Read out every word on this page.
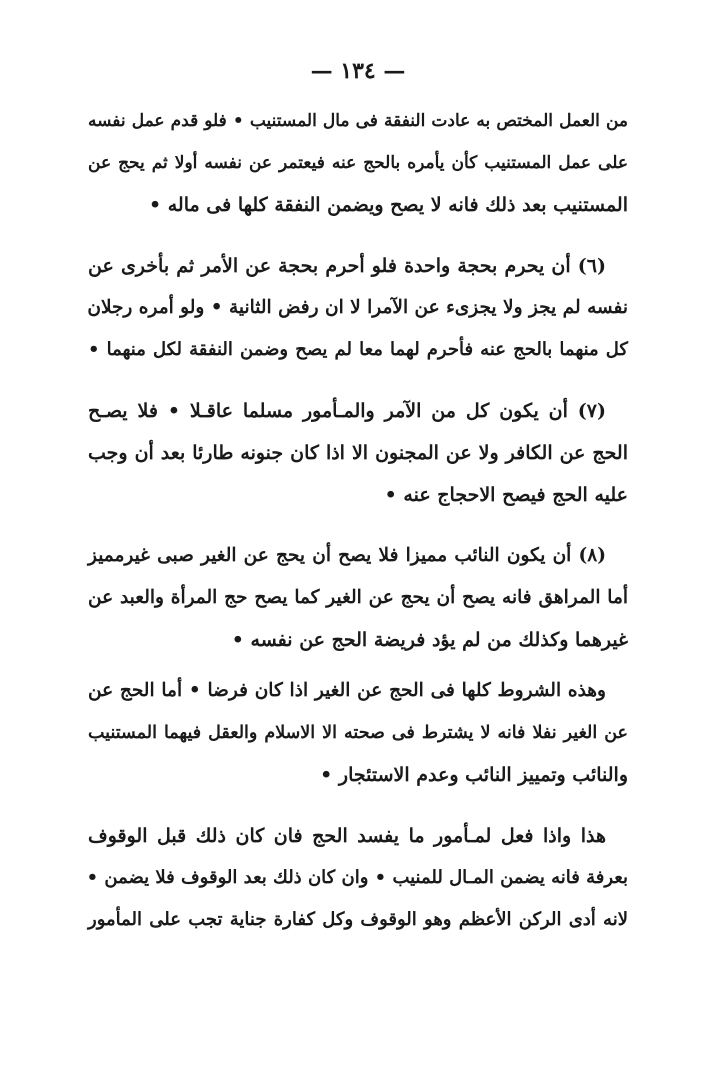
— ١٣٤ —
من العمل المختص به عادت النفقة فى مال المستنيب • فلو قدم عمل نفسه
على عمل المستنيب كأن يأمره بالحج عنه فيعتمر عن نفسه أولا ثم يحج عن
المستنيب بعد ذلك فانه لا يصح ويضمن النفقة كلها فى ماله •
(٦) أن يحرم بحجة واحدة فلو أحرم بحجة عن الأمر ثم بأخرى عن
نفسه لم يجز ولا يجزىء عن الآمرا لا ان رفض الثانية • ولو أمره رجلان
كل منهما بالحج عنه فأحرم لهما معا لم يصح وضمن النفقة لكل منهما •
(٧) أن يكون كل من الآمر والمـأمور مسلما عاقـلا • فلا يصـح
الحج عن الكافر ولا عن المجنون الا اذا كان جنونه طارئا بعد أن وجب
عليه الحج فيصح الاحجاج عنه •
(٨) أن يكون النائب مميزا فلا يصح أن يحج عن الغير صبى غيرمميز
أما المراهق فانه يصح أن يحج عن الغير كما يصح حج المرأة والعبد عن
غيرهما وكذلك من لم يؤد فريضة الحج عن نفسه •
وهذه الشروط كلها فى الحج عن الغير اذا كان فرضا • أما الحج عن
عن الغير نفلا فانه لا يشترط فى صحته الا الاسلام والعقل فيهما المستنيب
والنائب وتمييز النائب وعدم الاستئجار •
هذا واذا فعل لمـأمور ما يفسد الحج فان كان ذلك قبل الوقوف
بعرفة فانه يضمن المـال للمنيب • وان كان ذلك بعد الوقوف فلا يضمن •
لانه أدى الركن الأعظم وهو الوقوف وكل كفارة جناية تجب على المأمور
